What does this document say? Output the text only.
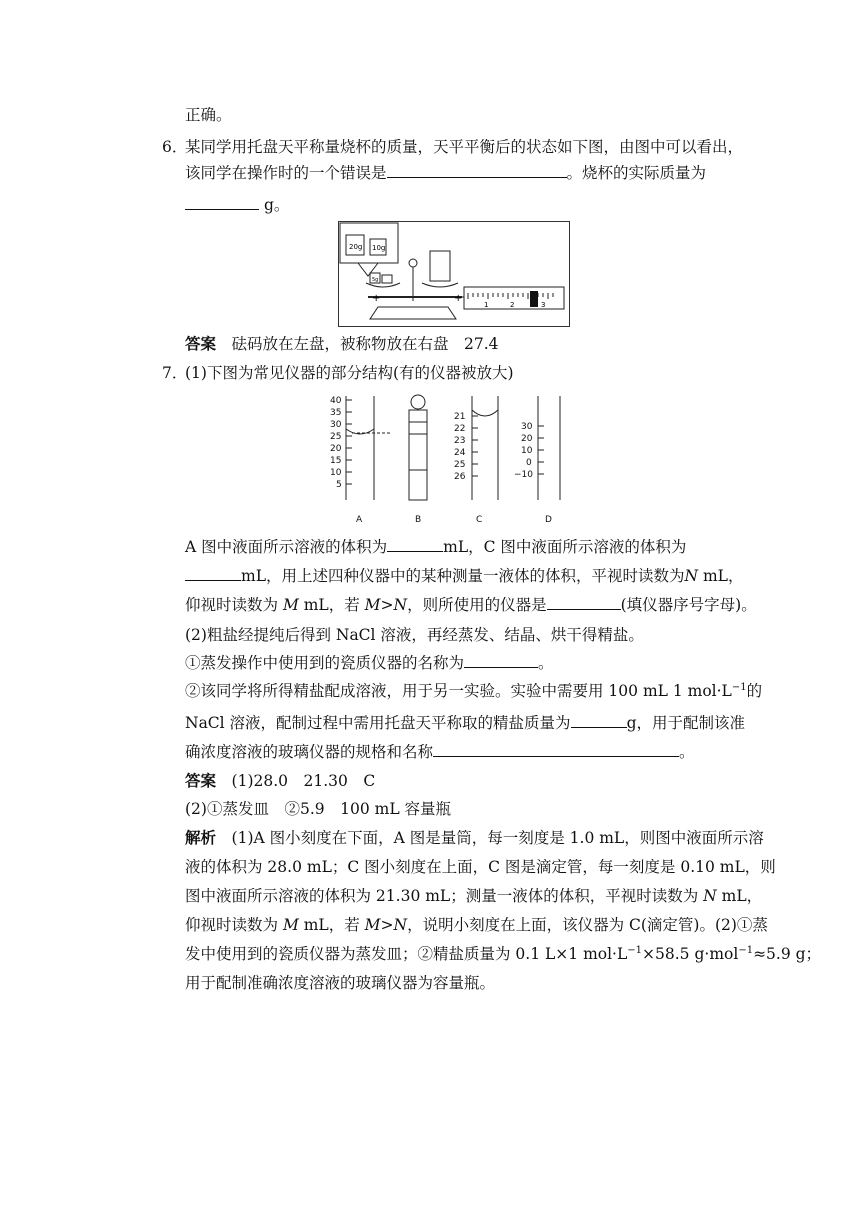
正确。
6．
某同学用托盘天平称量烧杯的质量，天平平衡后的状态如下图，由图中可以看出，
该同学在操作时的一个错误是	。烧杯的实际质量为
g。
20g 10g
5g
+	+
1	2	3
答案　 砝码放在左盘，被称物放在右盘　27.4
7．
(1)下图为常见仪器的部分结构(有的仪器被放大)
40
35
30
25
20
15
10
5
A	B
21
22
23
24
25
26
C
30
20
10
0
−10
D
A 图中液面所示溶液的体积为	mL，C 图中液面所示溶液的体积为
mL，用上述四种仪器中的某种测量一液体的体积，平视时读数为N mL，
仰视时读数为 M mL，若 M>N，则所使用的仪器是	(填仪器序号字母)。
(2)粗盐经提纯后得到 NaCl 溶液，再经蒸发、结晶、烘干得精盐。
①蒸发操作中使用到的瓷质仪器的名称为	。
②该同学将所得精盐配成溶液，用于另一实验。实验中需要用 100 mL 1 $mol\cdot L^{-1}$的
NaCl 溶液，配制过程中需用托盘天平称取的精盐质量为	g，用于配制该准
确浓度溶液的玻璃仪器的规格和名称	。
答案　 (1)28.0　21.30　C
(2)①蒸发皿　②5.9　100 mL 容量瓶
解析　 (1)A 图小刻度在下面，A 图是量筒，每一刻度是 1.0 mL，则图中液面所示溶
液的体积为 28.0 mL；C 图小刻度在上面，C 图是滴定管，每一刻度是 0.10 mL，则
图中液面所示溶液的体积为 21.30 mL；测量一液体的体积，平视时读数为 N mL，
仰视时读数为 M mL，若 M>N，说明小刻度在上面，该仪器为 C(滴定管)。(2)①蒸
发中使用到的瓷质仪器为蒸发皿；②精盐质量为 0.1 L×1 $mol\cdot L^{-1}\times 58.5$ g·mol$^{-1}$≈5.9 g；
用于配制准确浓度溶液的玻璃仪器为容量瓶。
